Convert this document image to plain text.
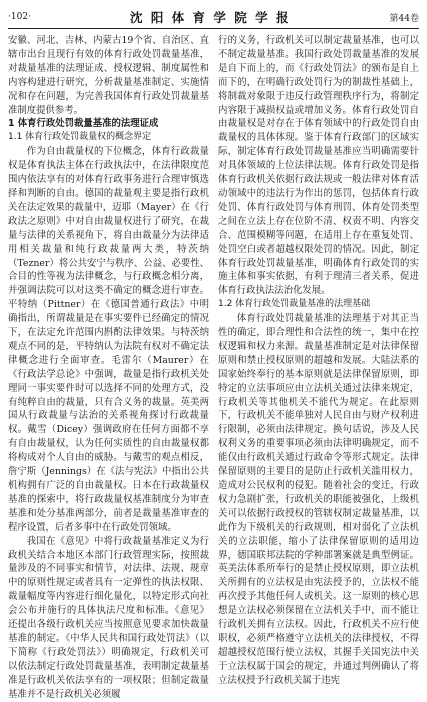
·102·	沈 阳 体 育 学 院 学 报	第44卷

安徽、河北、吉林、内蒙古19个省、自治区、直辖市出台且现行有效的体育行政处罚裁量基准，对裁量基准的法理证成、授权逻辑、制度属性和内容构建进行研究，分析裁量基准制定、实施情况和存在问题，为完善我国体育行政处罚裁量基准制度提供参考。

1 体育行政处罚裁量基准的法理证成

1.1 体育行政处罚裁量权的概念界定

作为自由裁量权的下位概念，体育行政裁量权是体育执法主体在行政执法中，在法律限度范围内依法享有的对体育行政事务进行合理审慎选择和判断的自由。德国的裁量观主要是指行政机关在法定效果的裁量中，迈耶（Mayer）在《行政法之原则》中对自由裁量权进行了研究，在裁量与法律的关系视角下，将自由裁量分为法律适用相关裁量和纯行政裁量两大类，特茨纳（Tezner）将公共安宁与秩序、公益、必要性、合目的性等视为法律概念，与行政概念相分离，并强调法院可以对这类不确定的概念进行审查。平特纳（Pittner）在《德国普通行政法》中明确指出，所谓裁量是在事实要件已经确定的情况下，在法定允许范围内斟酌法律效果。与特茨纳观点不同的是，平特纳认为法院有权对不确定法律概念进行全面审查。毛雷尔（Maurer）在《行政法学总论》中强调，裁量是指行政机关处理同一事实要件时可以选择不同的处理方式，没有纯粹自由的裁量，只有合义务的裁量。英美两国从行政裁量与法治的关系视角探讨行政裁量权。戴雪（Dicey）强调政府在任何方面都不享有自由裁量权，认为任何实质性的自由裁量权都将构成对个人自由的威胁。与戴雪的观点相反，詹宁斯（Jennings）在《法与宪法》中指出公共机构拥有广泛的自由裁量权。日本在行政裁量权基准的探索中，将行政裁量权基准制度分为审查基准和处分基准两部分，前者是裁量基准审查的程序设置，后者多事中在行政处罚领域。

我国在《意见》中将行政裁量基准定义为行政机关结合本地区本部门行政管理实际，按照裁量涉及的不同事实和情节，对法律、法规、规章中的原则性规定或者具有一定弹性的执法权限、裁量幅度等内容进行细化量化，以特定形式向社会公布并施行的具体执法尺度和标准。《意见》还提出各级行政机关应当按照意见要求加快裁量基准的制定。《中华人民共和国行政处罚法》（以下简称《行政处罚法》）明确规定，行政机关可以依法制定行政处罚裁量基准，表明制定裁量基准是行政机关依法享有的一项权限；但制定裁量基准并不是行政机关必须履

行的义务，行政机关可以制定裁量基准，也可以不制定裁量基准。我国行政处罚裁量基准的发展是自下而上的，而《行政处罚法》的颁布是自上而下的，在明确行政处罚行为的制裁性基础上，将制裁对象限于违反行政管理秩序行为，将制定内容限于减损权益或增加义务。体育行政处罚自由裁量权是对存在于体育领域中的行政处罚自由裁量权的具体体现。鉴于体育行政部门的区域实际，制定体育行政处罚裁量基准应当明确需要针对具体领域的上位法律法规。体育行政处罚是指体育行政机关依据行政法规或一般法律对体育活动领域中的违法行为作出的惩罚，包括体育行政处罚、体育行政处罚与体育刑罚、体育处罚类型之间在立法上存在位阶不清、权责不明、内容交合、范围模糊等问题，在适用上存在重复处罚、处罚空白或者超越权限处罚的情况。因此，制定体育行政处罚裁量基准，明确体育行政处罚的实施主体和事实依据，有利于理清三者关系，促进体育行政执法法治化发展。

1.2 体育行政处罚裁量基准的法理基础

体育行政处罚裁量基准的法理基于对其正当性的确定，即合理性和合法性的统一，集中在控权逻辑和权力来源。裁量基准制定是对法律保留原则和禁止授权原则的超越和发展。大陆法系的国家始终奉行的基本原则就是法律保留原则，即特定的立法事项应由立法机关通过法律来规定，行政机关等其他机关不能代为规定。在此原则下，行政机关不能单独对人民自由与财产权利进行限制，必须由法律规定。换句话说，涉及人民权利义务的重要事项必须由法律明确规定，而不能仅由行政机关通过行政命令等形式规定。法律保留原则的主要目的是防止行政机关滥用权力，造成对公民权利的侵犯。随着社会的变迁，行政权力急剧扩张，行政机关的职能被强化，上级机关可以依据行政授权的管辖权制定裁量基准，以此作为下级机关的行政规则，相对弱化了立法机关的立法职能，缩小了法律保留原则的适用边界，德国联邦法院的学种部署案就是典型例证。英美法体系所奉行的是禁止授权原则，即立法机关所拥有的立法权是由宪法授予的，立法权不能再次授予其他任何人或机关。这一原则的核心思想是立法权必须保留在立法机关手中，而不能让行政机关拥有立法权。因此，行政机关不应行使职权，必须严格遵守立法机关的法律授权，不得超越授权范围行使立法权，其握手关国宪法中关于立法权属于国会的规定，并通过判例确认了将立法权授予行政机关属于违宪
